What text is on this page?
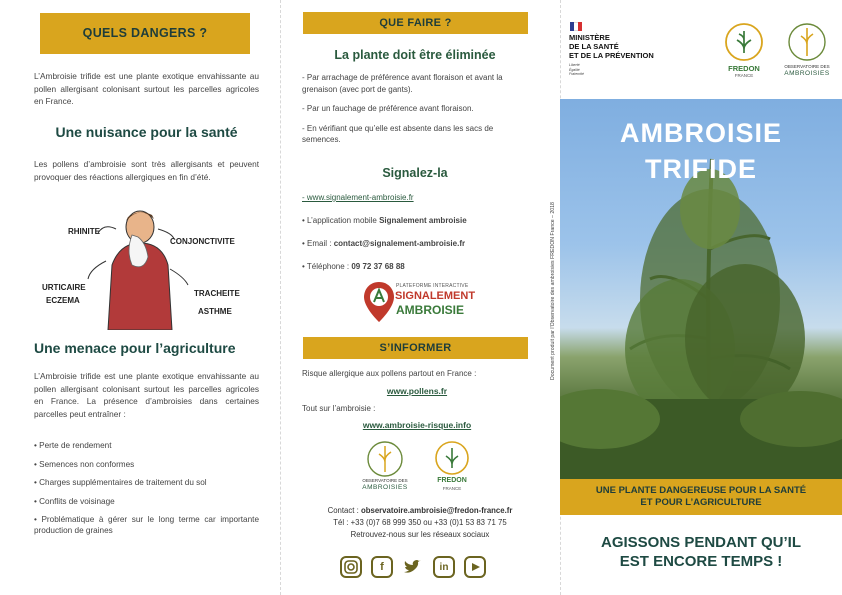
QUELS DANGERS ?
L’Ambroisie trifide est une plante exotique envahissante au pollen allergisant colonisant surtout les parcelles agricoles en France.
Une nuisance pour la santé
Les pollens d’ambroisie sont très allergisants et peuvent provoquer des réactions allergiques en fin d’été.
RHINITE
CONJONCTIVITE
URTICAIRE
ECZEMA
TRACHEITE
ASTHME
Une menace pour l’agriculture
L’Ambroisie trifide est une plante exotique envahissante au pollen allergisant colonisant surtout les parcelles agricoles en France. La présence d’ambroisies dans certaines parcelles peut entraîner :
• Perte de rendement
• Semences non conformes
• Charges supplémentaires de traitement du sol
• Conflits de voisinage
• Problématique à gérer sur le long terme car importante production de graines
QUE FAIRE ?
La plante doit être éliminée
- Par arrachage de préférence avant floraison et avant la grenaison (avec port de gants).
- Par un fauchage de préférence avant floraison.
- En vérifiant que qu’elle est absente dans les sacs de semences.
Signalez-la
- www.signalement-ambroisie.fr
• L’application mobile Signalement ambroisie
• Email : contact@signalement-ambroisie.fr
• Téléphone : 09 72 37 68 88
PLATEFORME INTERACTIVE
SIGNALEMENT
AMBROISIE
S’INFORMER
Risque allergique aux pollens partout en France :
www.pollens.fr
Tout sur l’ambroisie :
www.ambroisie-risque.info
OBSERVATOIRE DES
AMBROISIES
FREDON
FRANCE
Contact : observatoire.ambroisie@fredon-france.fr
Tél : +33 (0)7 68 999 350 ou +33 (0)1 53 83 71 75
Retrouvez-nous sur les réseaux sociaux
f	in
MINISTÈRE
DE LA SANTÉ
ET DE LA PRÉVENTION
Liberté
Égalité
Fraternité
FREDON
FRANCE
OBSERVATOIRE DES
AMBROISIES
Document produit par l’Observatoire des ambroisies FREDON France – 2018
AMBROISIE
TRIFIDE
UNE PLANTE DANGEREUSE POUR LA SANTÉ
ET POUR L’AGRICULTURE
AGISSONS PENDANT QU’IL
EST ENCORE TEMPS !
